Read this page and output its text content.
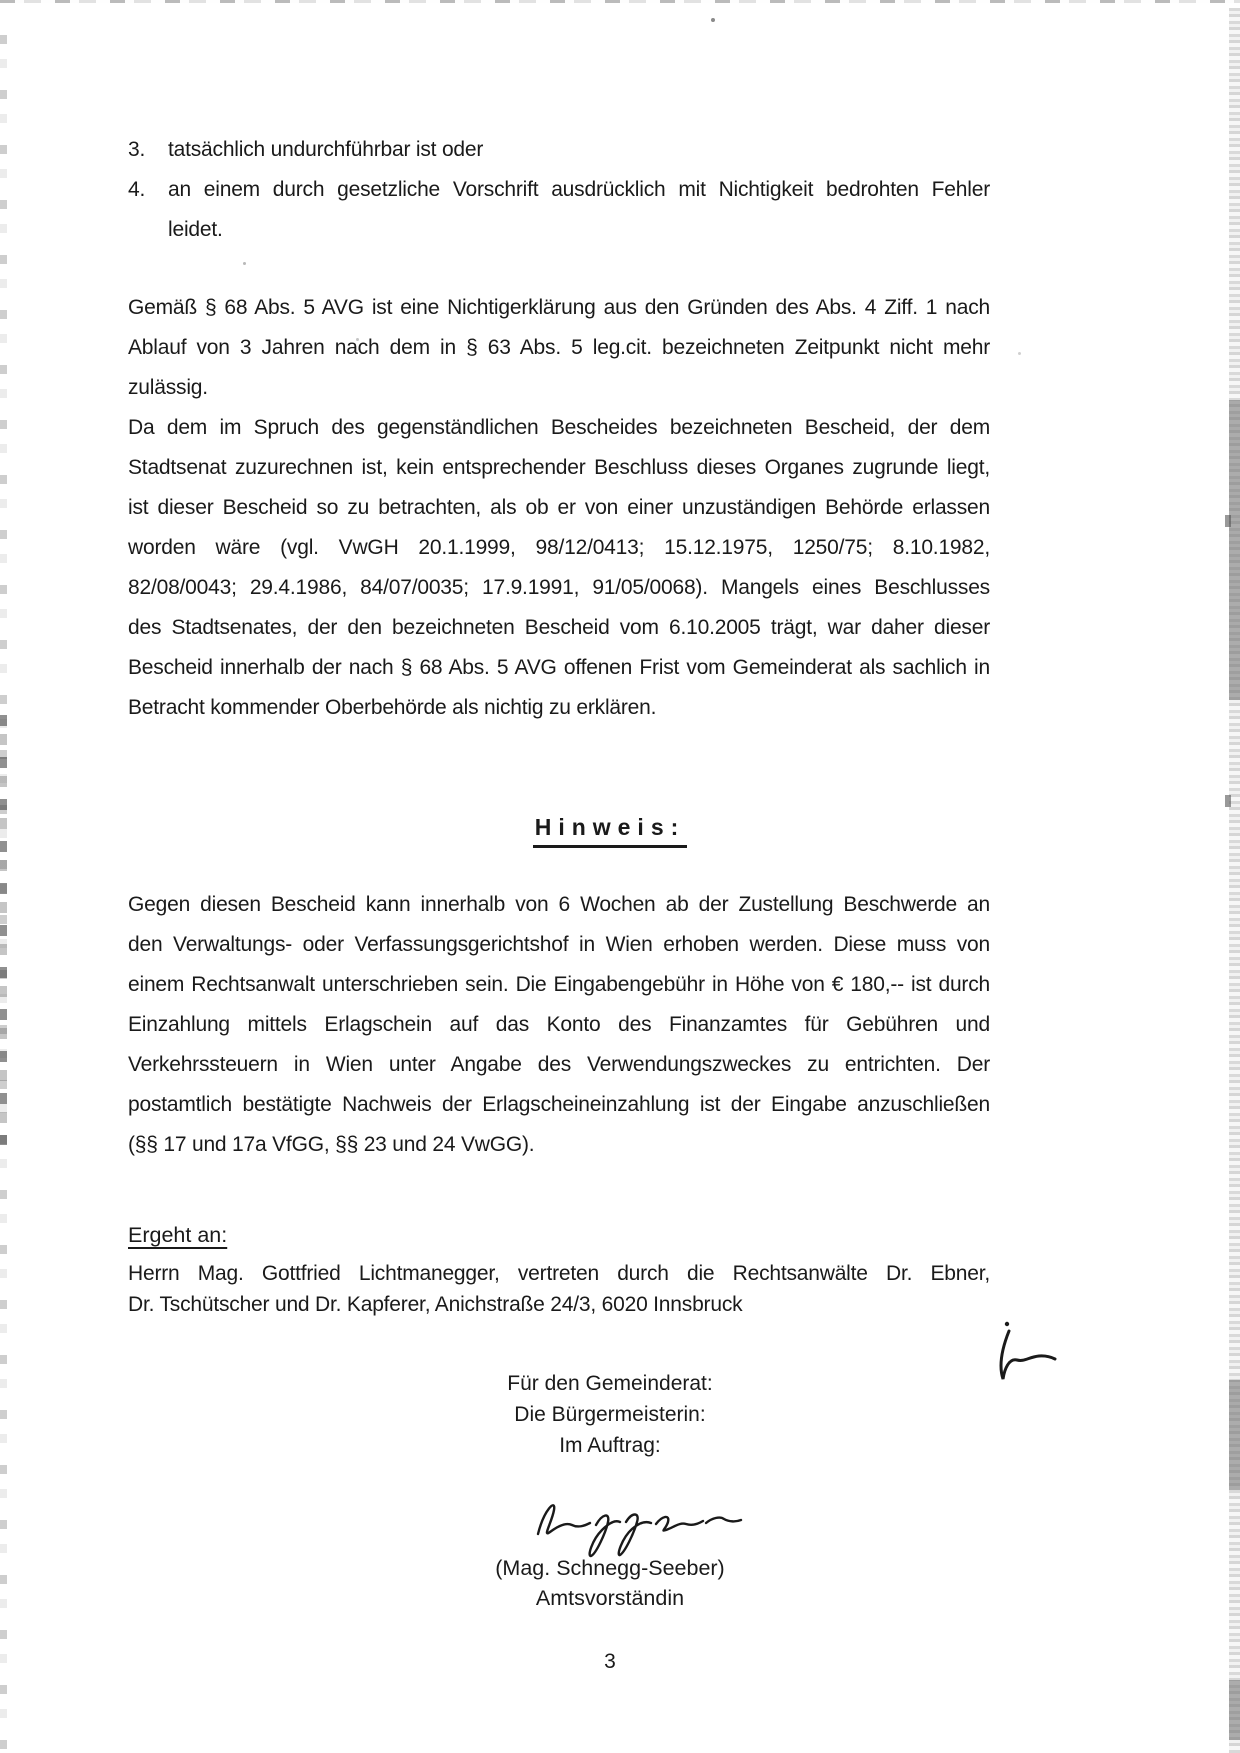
3.	tatsächlich undurchführbar ist oder
4.	an einem durch gesetzliche Vorschrift ausdrücklich mit Nichtigkeit bedrohten Fehler
leidet.
Gemäß § 68 Abs. 5 AVG ist eine Nichtigerklärung aus den Gründen des Abs. 4 Ziff. 1 nach
Ablauf von 3 Jahren nach dem in § 63 Abs. 5 leg.cit. bezeichneten Zeitpunkt nicht mehr
zulässig.
Da dem im Spruch des gegenständlichen Bescheides bezeichneten Bescheid, der dem
Stadtsenat zuzurechnen ist, kein entsprechender Beschluss dieses Organes zugrunde liegt,
ist dieser Bescheid so zu betrachten, als ob er von einer unzuständigen Behörde erlassen
worden wäre (vgl. VwGH 20.1.1999, 98/12/0413; 15.12.1975, 1250/75; 8.10.1982,
82/08/0043; 29.4.1986, 84/07/0035; 17.9.1991, 91/05/0068). Mangels eines Beschlusses
des Stadtsenates, der den bezeichneten Bescheid vom 6.10.2005 trägt, war daher dieser
Bescheid innerhalb der nach § 68 Abs. 5 AVG offenen Frist vom Gemeinderat als sachlich in
Betracht kommender Oberbehörde als nichtig zu erklären.
Hinweis:
Gegen diesen Bescheid kann innerhalb von 6 Wochen ab der Zustellung Beschwerde an
den Verwaltungs- oder Verfassungsgerichtshof in Wien erhoben werden. Diese muss von
einem Rechtsanwalt unterschrieben sein. Die Eingabengebühr in Höhe von € 180,-- ist durch
Einzahlung mittels Erlagschein auf das Konto des Finanzamtes für Gebühren und
Verkehrssteuern in Wien unter Angabe des Verwendungszweckes zu entrichten. Der
postamtlich bestätigte Nachweis der Erlagscheineinzahlung ist der Eingabe anzuschließen
(§§ 17 und 17a VfGG, §§ 23 und 24 VwGG).
Ergeht an:
Herrn Mag. Gottfried Lichtmanegger, vertreten durch die Rechtsanwälte Dr. Ebner,
Dr. Tschütscher und Dr. Kapferer, Anichstraße 24/3, 6020 Innsbruck
Für den Gemeinderat:
Die Bürgermeisterin:
Im Auftrag:
(Mag. Schnegg-Seeber)
Amtsvorständin
3
